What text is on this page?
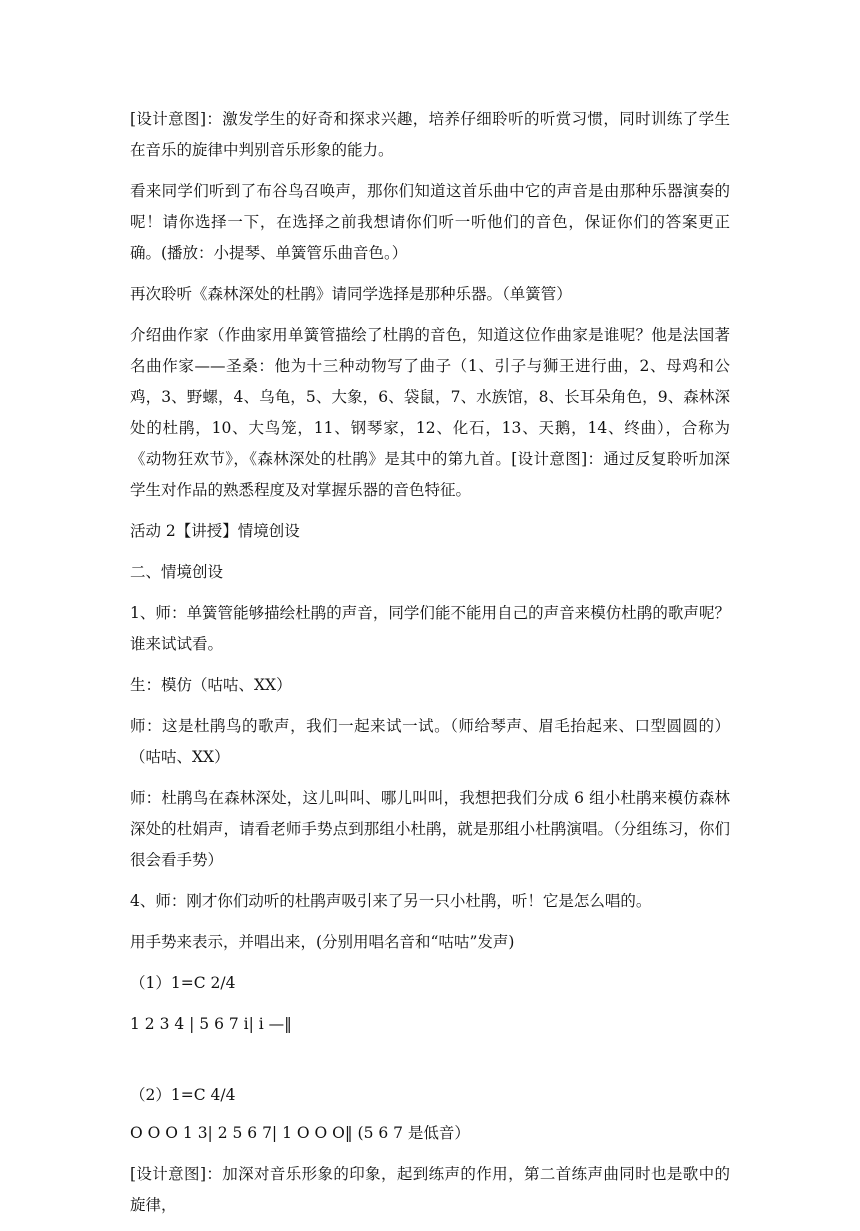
[设计意图]：激发学生的好奇和探求兴趣，培养仔细聆听的听赏习惯，同时训练了学生在音乐的旋律中判别音乐形象的能力。

看来同学们听到了布谷鸟召唤声，那你们知道这首乐曲中它的声音是由那种乐器演奏的呢！请你选择一下，在选择之前我想请你们听一听他们的音色，保证你们的答案更正确。(播放：小提琴、单簧管乐曲音色。）

再次聆听《森林深处的杜鹃》请同学选择是那种乐器。（单簧管）

介绍曲作家（作曲家用单簧管描绘了杜鹃的音色，知道这位作曲家是谁呢？他是法国著名曲作家——圣桑：他为十三种动物写了曲子（1、引子与狮王进行曲，2、母鸡和公鸡，3、野螺，4、乌龟，5、大象，6、袋鼠，7、水族馆，8、长耳朵角色，9、森林深处的杜鹃，10、大鸟笼，11、钢琴家，12、化石，13、天鹅，14、终曲），合称为《动物狂欢节》，《森林深处的杜鹃》是其中的第九首。[设计意图]：通过反复聆听加深学生对作品的熟悉程度及对掌握乐器的音色特征。

活动 2【讲授】情境创设

二、情境创设

1、师：单簧管能够描绘杜鹃的声音，同学们能不能用自己的声音来模仿杜鹃的歌声呢？谁来试试看。

生：模仿（咕咕、XX）

师：这是杜鹃鸟的歌声，我们一起来试一试。（师给琴声、眉毛抬起来、口型圆圆的）（咕咕、XX）

师：杜鹃鸟在森林深处，这儿叫叫、哪儿叫叫，我想把我们分成 6 组小杜鹃来模仿森林深处的杜娟声，请看老师手势点到那组小杜鹃，就是那组小杜鹃演唱。（分组练习，你们很会看手势）

4、师：刚才你们动听的杜鹃声吸引来了另一只小杜鹃，听！它是怎么唱的。

用手势来表示，并唱出来，(分别用唱名音和“咕咕”发声)

（1）1=C 2/4

1 2 3 4 | 5 6 7 i| i —‖

（2）1=C 4/4

O O O 1 3| 2 5 6 7| 1 O O O‖ (5 6 7 是低音）

[设计意图]：加深对音乐形象的印象，起到练声的作用，第二首练声曲同时也是歌中的旋律，
